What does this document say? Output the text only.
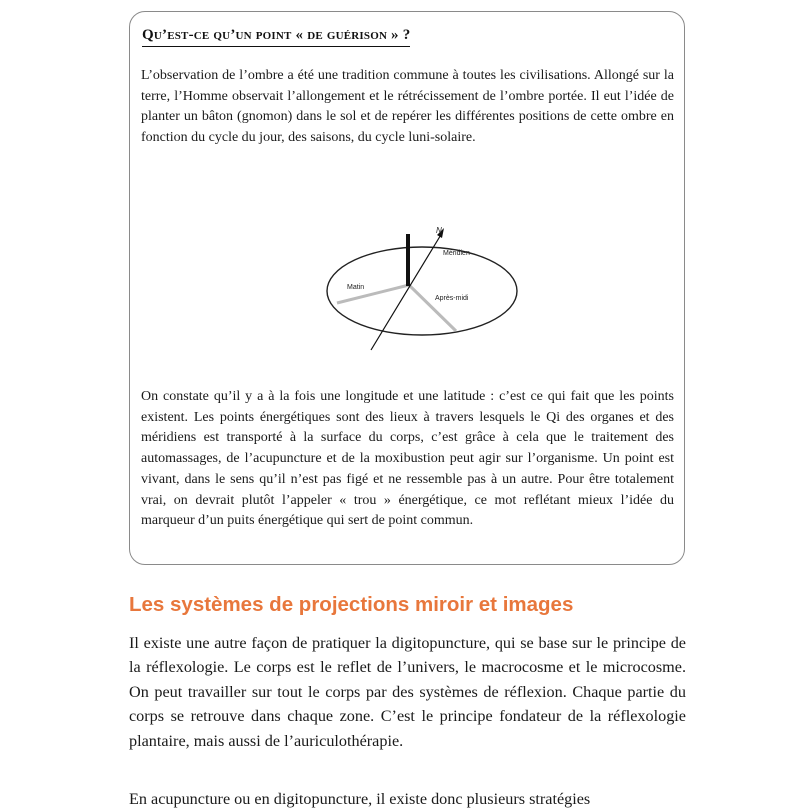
Qu’est-ce qu’un point « de guérison » ?

L’observation de l’ombre a été une tradition commune à toutes les civilisations. Allongé sur la terre, l’Homme observait l’allongement et le rétrécissement de l’ombre portée. Il eut l’idée de planter un bâton (gnomon) dans le sol et de repérer les différentes positions de cette ombre en fonction du cycle du jour, des saisons, du cycle luni-solaire.

N
Méridien
Matin
Après-midi

On constate qu’il y a à la fois une longitude et une latitude : c’est ce qui fait que les points existent. Les points énergétiques sont des lieux à travers lesquels le Qi des organes et des méridiens est transporté à la surface du corps, c’est grâce à cela que le traitement des automassages, de l’acupuncture et de la moxibustion peut agir sur l’organisme. Un point est vivant, dans le sens qu’il n’est pas figé et ne ressemble pas à un autre. Pour être totalement vrai, on devrait plutôt l’appeler « trou » énergétique, ce mot reflétant mieux l’idée du marqueur d’un puits énergétique qui sert de point commun.

Les systèmes de projections miroir et images

Il existe une autre façon de pratiquer la digitopuncture, qui se base sur le principe de la réflexologie. Le corps est le reflet de l’univers, le macrocosme et le microcosme. On peut travailler sur tout le corps par des systèmes de réflexion. Chaque partie du corps se retrouve dans chaque zone. C’est le principe fondateur de la réflexologie plantaire, mais aussi de l’auriculothérapie.

En acupuncture ou en digitopuncture, il existe donc plusieurs stratégies
